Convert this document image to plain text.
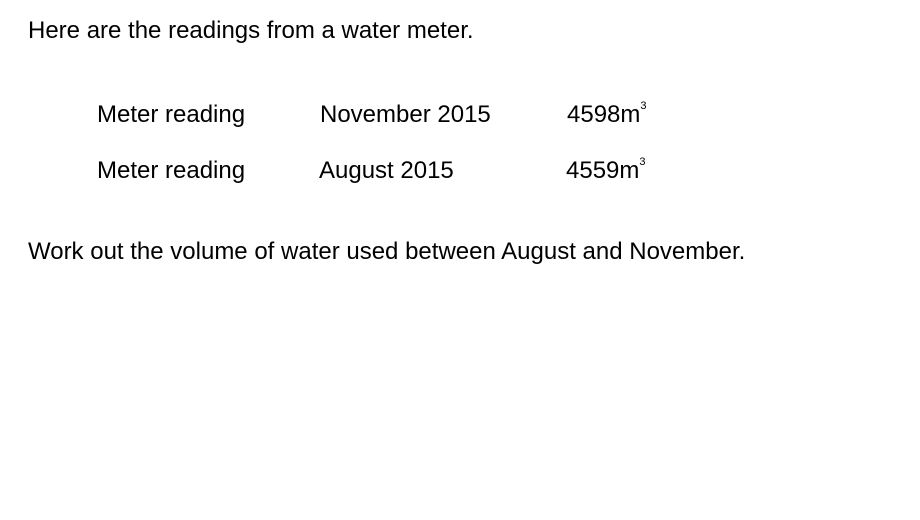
Here are the readings from a water meter.
Meter reading	November 2015	$4598m^3$
Meter reading	August 2015	$4559m^3$
Work out the volume of water used between August and November.
